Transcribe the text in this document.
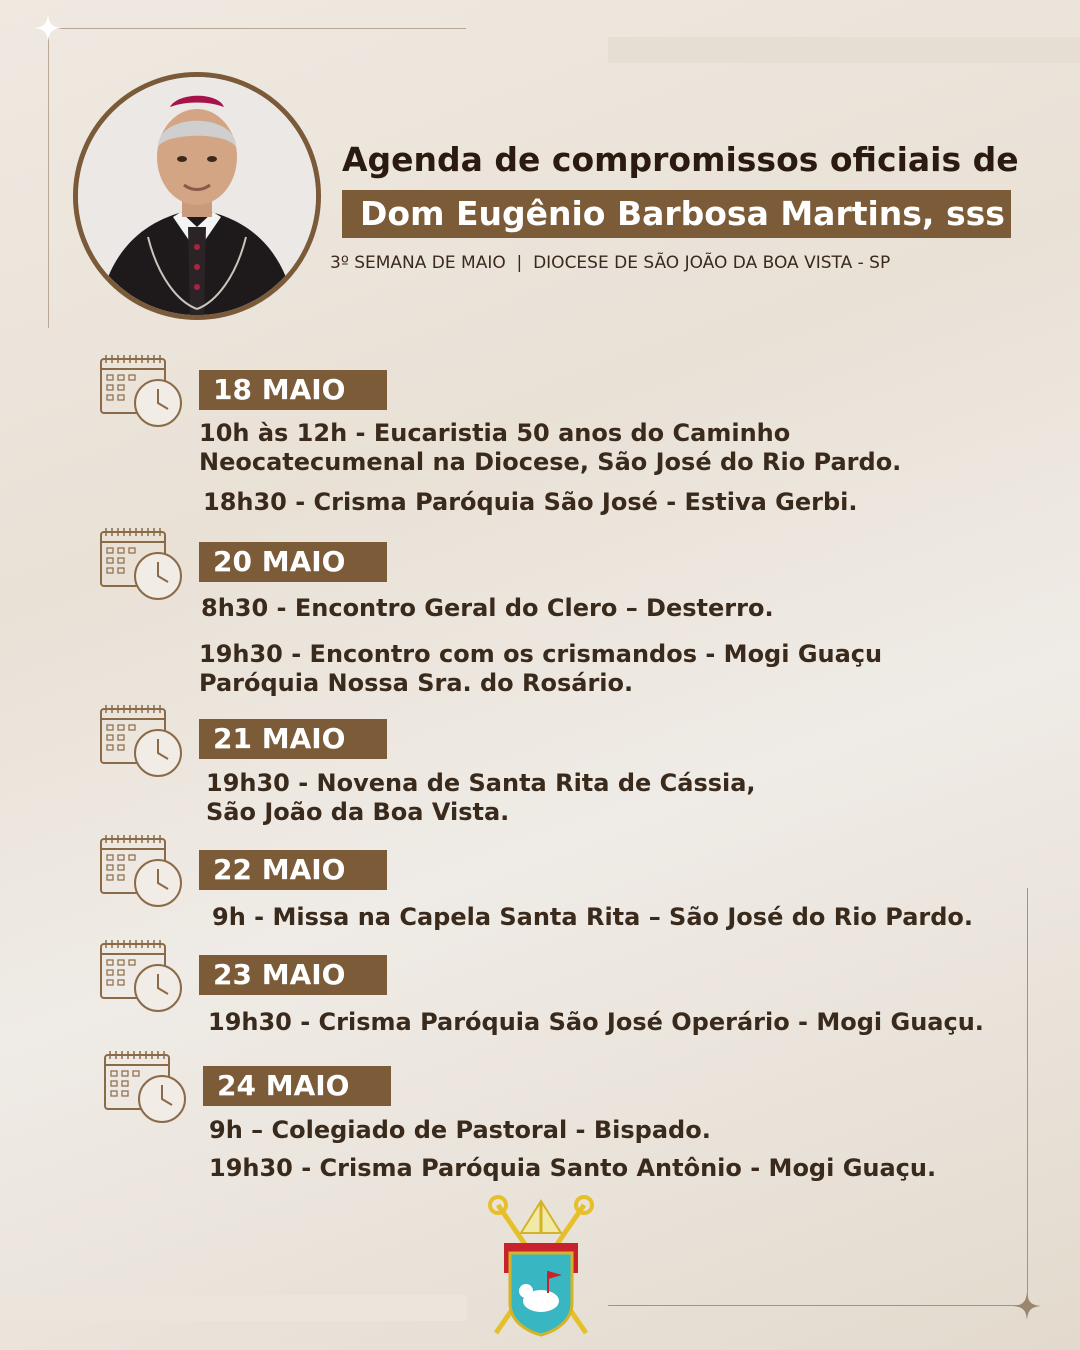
Agenda de compromissos oficiais de
Dom Eugênio Barbosa Martins, sss
3º SEMANA DE MAIO  |  DIOCESE DE SÃO JOÃO DA BOA VISTA - SP
18 MAIO
10h às 12h - Eucaristia 50 anos do Caminho
Neocatecumenal na Diocese, São José do Rio Pardo.
18h30 - Crisma Paróquia São José - Estiva Gerbi.
20 MAIO
8h30 - Encontro Geral do Clero – Desterro.
19h30 - Encontro com os crismandos - Mogi Guaçu
Paróquia Nossa Sra. do Rosário.
21 MAIO
19h30 - Novena de Santa Rita de Cássia,
São João da Boa Vista.
22 MAIO
9h - Missa na Capela Santa Rita – São José do Rio Pardo.
23 MAIO
19h30 - Crisma Paróquia São José Operário - Mogi Guaçu.
24 MAIO
9h – Colegiado de Pastoral - Bispado.
19h30 - Crisma Paróquia Santo Antônio - Mogi Guaçu.
